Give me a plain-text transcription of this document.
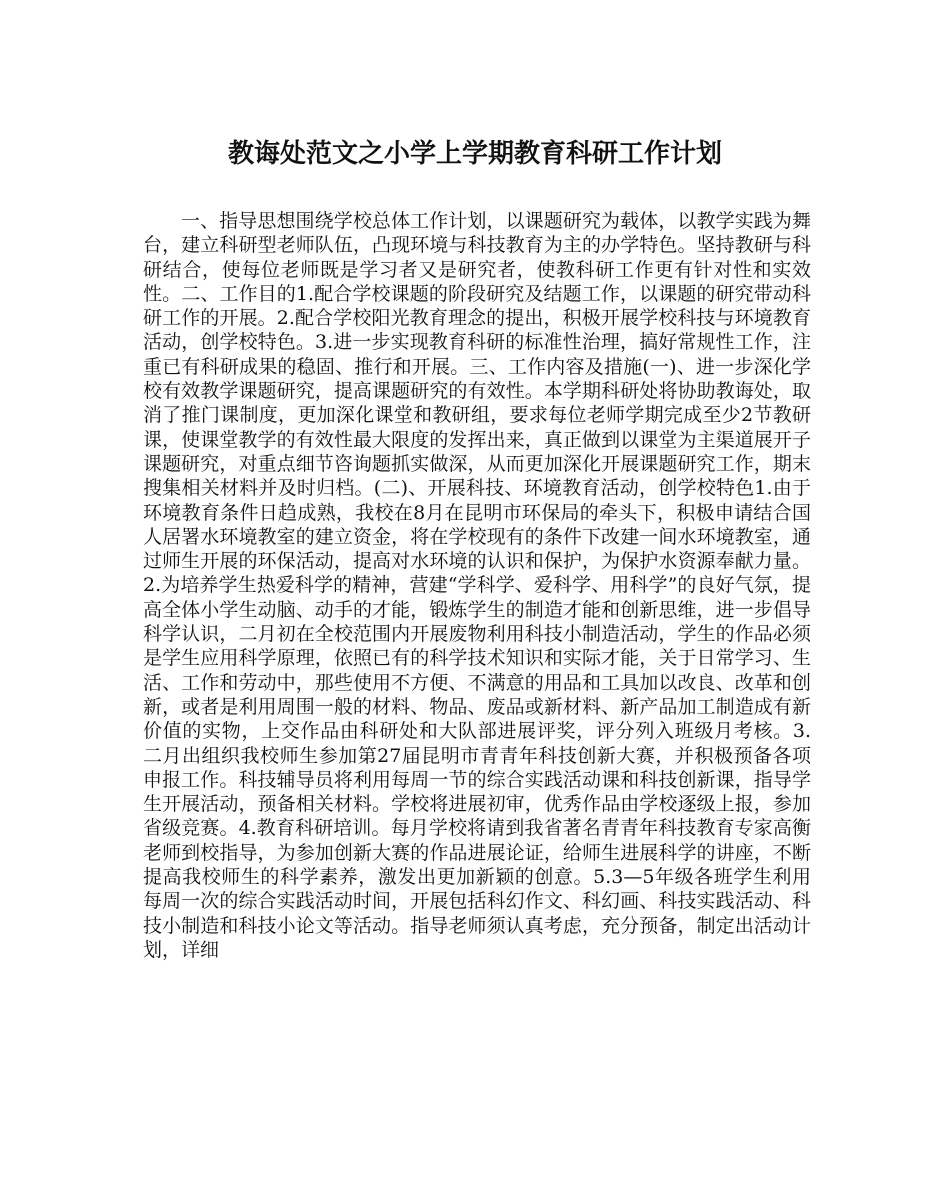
教诲处范文之小学上学期教育科研工作计划

一、指导思想围绕学校总体工作计划，以课题研究为载体，以教学实践为舞台，建立科研型老师队伍，凸现环境与科技教育为主的办学特色。坚持教研与科研结合，使每位老师既是学习者又是研究者，使教科研工作更有针对性和实效性。二、工作目的1.配合学校课题的阶段研究及结题工作，以课题的研究带动科研工作的开展。2.配合学校阳光教育理念的提出，积极开展学校科技与环境教育活动，创学校特色。3.进一步实现教育科研的标准性治理，搞好常规性工作，注重已有科研成果的稳固、推行和开展。三、工作内容及措施(一)、进一步深化学校有效教学课题研究，提高课题研究的有效性。本学期科研处将协助教诲处，取消了推门课制度，更加深化课堂和教研组，要求每位老师学期完成至少2节教研课，使课堂教学的有效性最大限度的发挥出来，真正做到以课堂为主渠道展开子课题研究，对重点细节咨询题抓实做深，从而更加深化开展课题研究工作，期末搜集相关材料并及时归档。(二)、开展科技、环境教育活动，创学校特色1.由于环境教育条件日趋成熟，我校在8月在昆明市环保局的牵头下，积极申请结合国人居署水环境教室的建立资金，将在学校现有的条件下改建一间水环境教室，通过师生开展的环保活动，提高对水环境的认识和保护，为保护水资源奉献力量。2.为培养学生热爱科学的精神，营建“学科学、爱科学、用科学”的良好气氛，提高全体小学生动脑、动手的才能，锻炼学生的制造才能和创新思维，进一步倡导科学认识，二月初在全校范围内开展废物利用科技小制造活动，学生的作品必须是学生应用科学原理，依照已有的科学技术知识和实际才能，关于日常学习、生活、工作和劳动中，那些使用不方便、不满意的用品和工具加以改良、改革和创新，或者是利用周围一般的材料、物品、废品或新材料、新产品加工制造成有新价值的实物，上交作品由科研处和大队部进展评奖，评分列入班级月考核。3. 二月出组织我校师生参加第27届昆明市青青年科技创新大赛，并积极预备各项申报工作。科技辅导员将利用每周一节的综合实践活动课和科技创新课，指导学生开展活动，预备相关材料。学校将进展初审，优秀作品由学校逐级上报，参加省级竞赛。4.教育科研培训。每月学校将请到我省著名青青年科技教育专家高衡老师到校指导，为参加创新大赛的作品进展论证，给师生进展科学的讲座，不断提高我校师生的科学素养，激发出更加新颖的创意。5.3—5年级各班学生利用每周一次的综合实践活动时间，开展包括科幻作文、科幻画、科技实践活动、科技小制造和科技小论文等活动。指导老师须认真考虑，充分预备，制定出活动计划，详细
